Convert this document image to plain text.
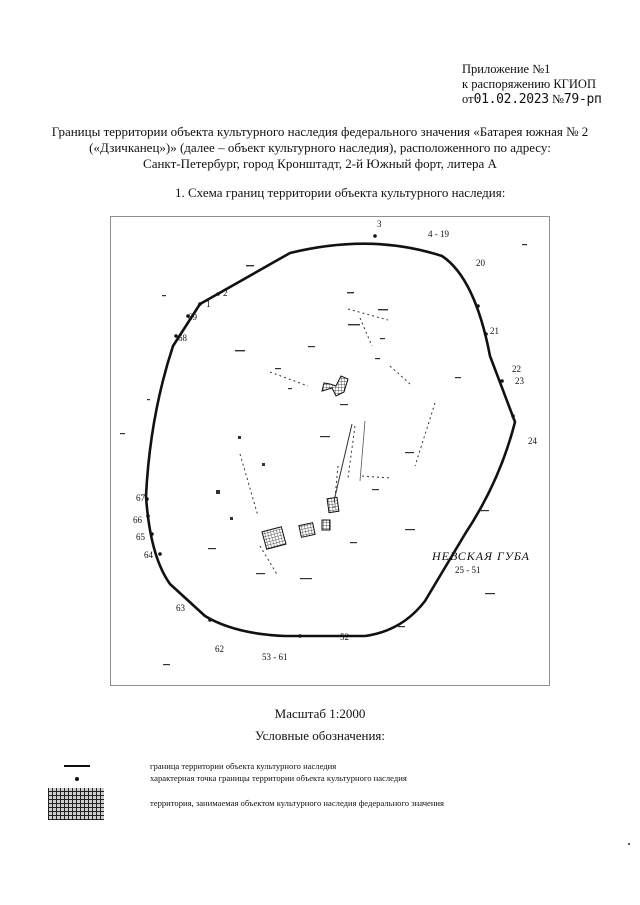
Приложение №1
к распоряжению КГИОП
от01.02.2023 №79-рп
Границы территории объекта культурного наследия федерального значения «Батарея южная № 2
(«Дзичканец»)» (далее – объект культурного наследия), расположенного по адресу:
Санкт-Петербург, город Кронштадт, 2-й Южный форт, литера А
1. Схема границ территории объекта культурного наследия:
1
2
3
4 - 19
20
21
22
23
24
25 - 51
52
53 - 61
62
63
64
65
66
67
68
69
НЕВСКАЯ ГУБА
Масштаб 1:2000
Условные обозначения:
граница территории объекта культурного наследия
характерная точка границы территории объекта культурного наследия
территория, занимаемая объектом культурного наследия федерального значения
